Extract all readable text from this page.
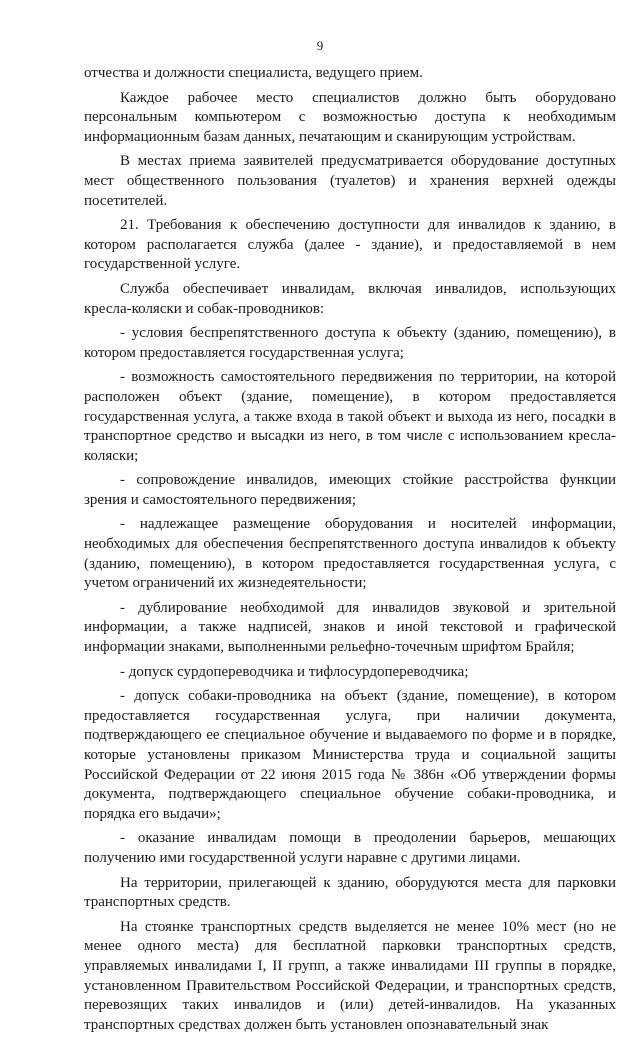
9

отчества и должности специалиста, ведущего прием.

Каждое рабочее место специалистов должно быть оборудовано персональным компьютером с возможностью доступа к необходимым информационным базам данных, печатающим и сканирующим устройствам.

В местах приема заявителей предусматривается оборудование доступных мест общественного пользования (туалетов) и хранения верхней одежды посетителей.

21. Требования к обеспечению доступности для инвалидов к зданию, в котором располагается служба (далее - здание), и предоставляемой в нем государственной услуге.

Служба обеспечивает инвалидам, включая инвалидов, использующих кресла-коляски и собак-проводников:

- условия беспрепятственного доступа к объекту (зданию, помещению), в котором предоставляется государственная услуга;

- возможность самостоятельного передвижения по территории, на которой расположен объект (здание, помещение), в котором предоставляется государственная услуга, а также входа в такой объект и выхода из него, посадки в транспортное средство и высадки из него, в том числе с использованием кресла-коляски;

- сопровождение инвалидов, имеющих стойкие расстройства функции зрения и самостоятельного передвижения;

- надлежащее размещение оборудования и носителей информации, необходимых для обеспечения беспрепятственного доступа инвалидов к объекту (зданию, помещению), в котором предоставляется государственная услуга, с учетом ограничений их жизнедеятельности;

- дублирование необходимой для инвалидов звуковой и зрительной информации, а также надписей, знаков и иной текстовой и графической информации знаками, выполненными рельефно-точечным шрифтом Брайля;

- допуск сурдопереводчика и тифлосурдопереводчика;

- допуск собаки-проводника на объект (здание, помещение), в котором предоставляется государственная услуга, при наличии документа, подтверждающего ее специальное обучение и выдаваемого по форме и в порядке, которые установлены приказом Министерства труда и социальной защиты Российской Федерации от 22 июня 2015 года № 386н «Об утверждении формы документа, подтверждающего специальное обучение собаки-проводника, и порядка его выдачи»;

- оказание инвалидам помощи в преодолении барьеров, мешающих получению ими государственной услуги наравне с другими лицами.

На территории, прилегающей к зданию, оборудуются места для парковки транспортных средств.

На стоянке транспортных средств выделяется не менее 10% мест (но не менее одного места) для бесплатной парковки транспортных средств, управляемых инвалидами I, II групп, а также инвалидами III группы в порядке, установленном Правительством Российской Федерации, и транспортных средств, перевозящих таких инвалидов и (или) детей-инвалидов. На указанных транспортных средствах должен быть установлен опознавательный знак
